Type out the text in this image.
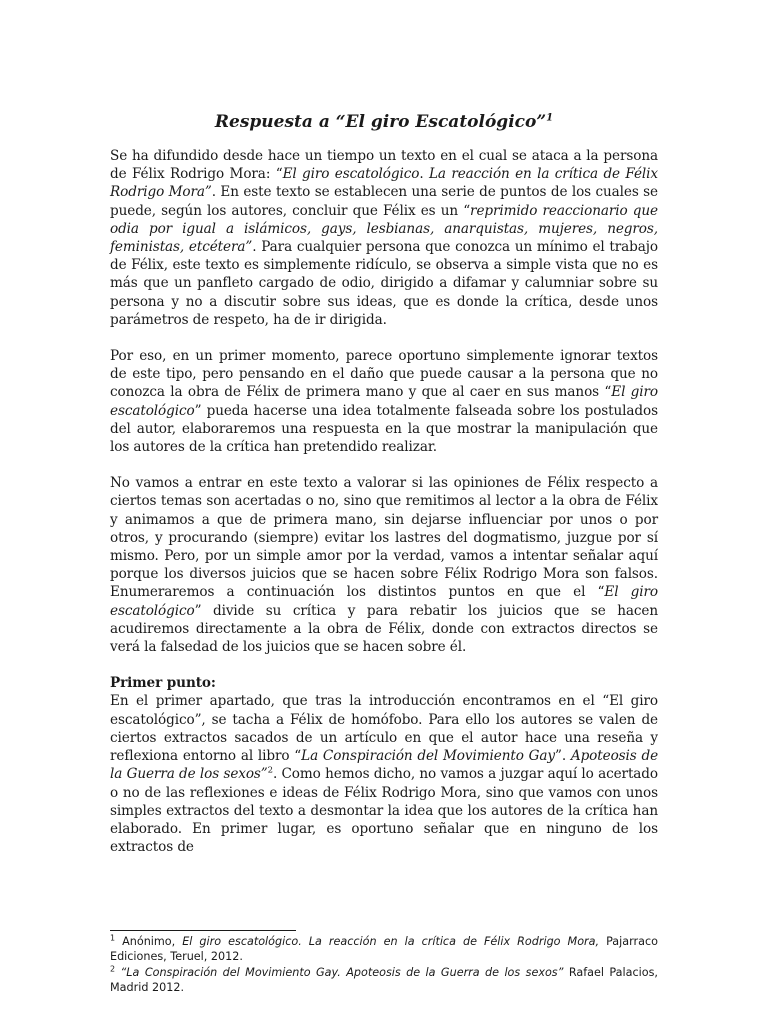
Respuesta a “El giro Escatológico”$^1$

Se ha difundido desde hace un tiempo un texto en el cual se ataca a la persona de Félix Rodrigo Mora: “El giro escatológico. La reacción en la crítica de Félix Rodrigo Mora”. En este texto se establecen una serie de puntos de los cuales se puede, según los autores, concluir que Félix es un “reprimido reaccionario que odia por igual a islámicos, gays, lesbianas, anarquistas, mujeres, negros, feministas, etcétera”. Para cualquier persona que conozca un mínimo el trabajo de Félix, este texto es simplemente ridículo, se observa a simple vista que no es más que un panfleto cargado de odio, dirigido a difamar y calumniar sobre su persona y no a discutir sobre sus ideas, que es donde la crítica, desde unos parámetros de respeto, ha de ir dirigida.

Por eso, en un primer momento, parece oportuno simplemente ignorar textos de este tipo, pero pensando en el daño que puede causar a la persona que no conozca la obra de Félix de primera mano y que al caer en sus manos “El giro escatológico” pueda hacerse una idea totalmente falseada sobre los postulados del autor, elaboraremos una respuesta en la que mostrar la manipulación que los autores de la crítica han pretendido realizar.

No vamos a entrar en este texto a valorar si las opiniones de Félix respecto a ciertos temas son acertadas o no, sino que remitimos al lector a la obra de Félix y animamos a que de primera mano, sin dejarse influenciar por unos o por otros, y procurando (siempre) evitar los lastres del dogmatismo, juzgue por sí mismo. Pero, por un simple amor por la verdad, vamos a intentar señalar aquí porque los diversos juicios que se hacen sobre Félix Rodrigo Mora son falsos. Enumeraremos a continuación los distintos puntos en que el “El giro escatológico” divide su crítica y para rebatir los juicios que se hacen acudiremos directamente a la obra de Félix, donde con extractos directos se verá la falsedad de los juicios que se hacen sobre él.

Primer punto:
En el primer apartado, que tras la introducción encontramos en el “El giro escatológico”, se tacha a Félix de homófobo. Para ello los autores se valen de ciertos extractos sacados de un artículo en que el autor hace una reseña y reflexiona entorno al libro “La Conspiración del Movimiento Gay”. Apoteosis de la Guerra de los sexos”$^2$. Como hemos dicho, no vamos a juzgar aquí lo acertado o no de las reflexiones e ideas de Félix Rodrigo Mora, sino que vamos con unos simples extractos del texto a desmontar la idea que los autores de la crítica han elaborado. En primer lugar, es oportuno señalar que en ninguno de los extractos de

$^1$ Anónimo, El giro escatológico. La reacción en la crítica de Félix Rodrigo Mora, Pajarraco Ediciones, Teruel, 2012.
$^2$ “La Conspiración del Movimiento Gay. Apoteosis de la Guerra de los sexos” Rafael Palacios, Madrid 2012.
